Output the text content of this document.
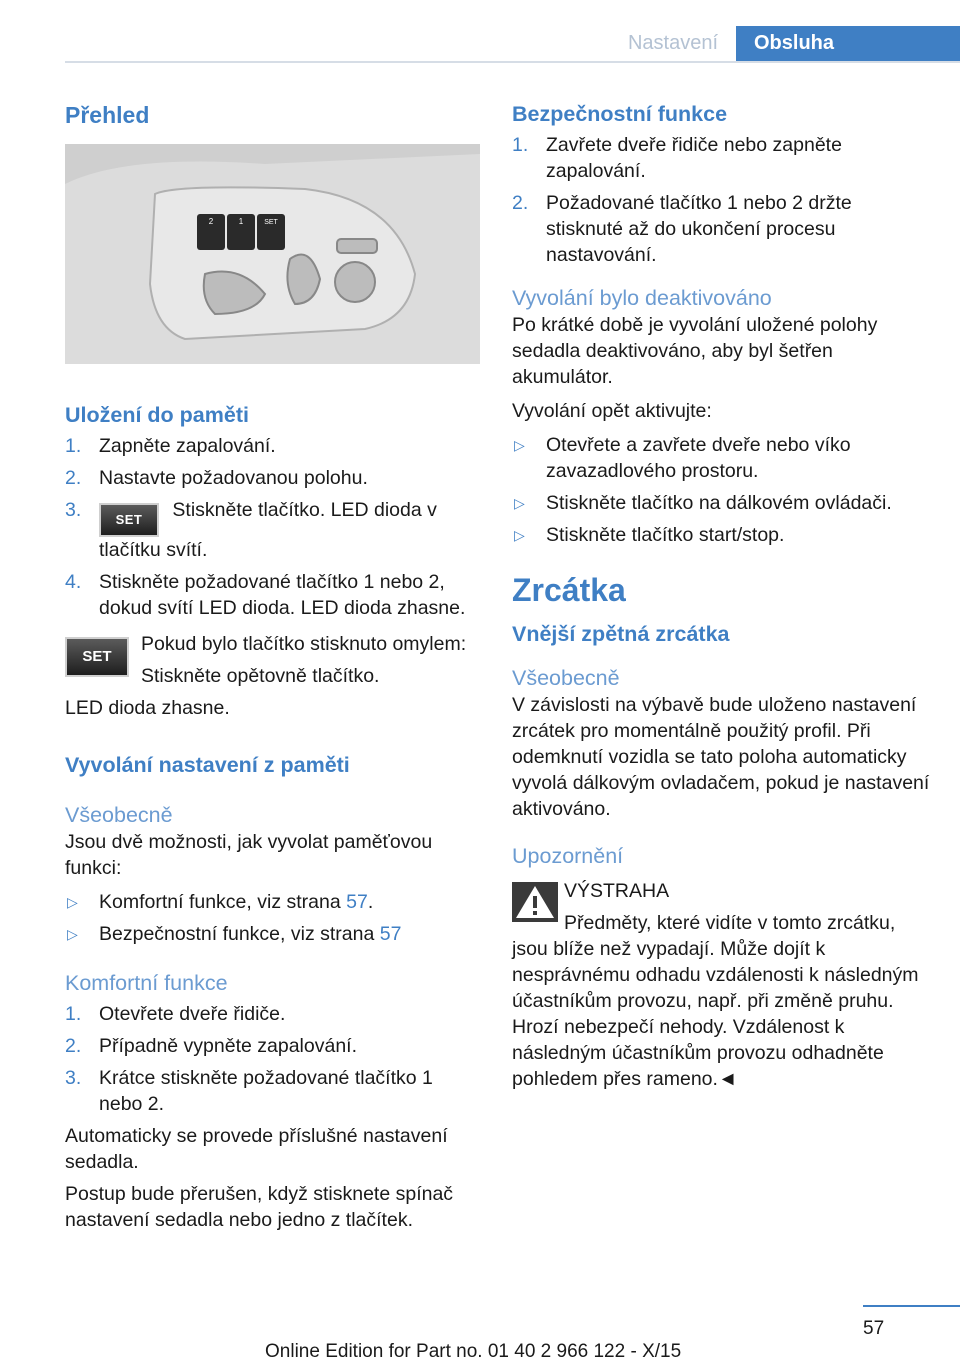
Nastavení	Obsluha
Přehled
2	1	SET
Uložení do paměti
1. Zapněte zapalování.
2. Nastavte požadovanou polohu.
3.	SET Stiskněte tlačítko. LED dioda v tlačítku svítí.
4. Stiskněte požadované tlačítko 1 nebo 2, dokud svítí LED dioda. LED dioda zhasne.
SET

Pokud bylo tlačítko stisknuto omylem:

Stiskněte opětovně tlačítko.

LED dioda zhasne.

Vyvolání nastavení z paměti
Všeobecně

Jsou dvě možnosti, jak vyvolat paměťovou funkci:

▷ Komfortní funkce, viz strana 57.
▷ Bezpečnostní funkce, viz strana 57
Komfortní funkce
1. Otevřete dveře řidiče.
2. Případně vypněte zapalování.
3. Krátce stiskněte požadované tlačítko 1 nebo 2.

Automaticky se provede příslušné nastavení sedadla.

Postup bude přerušen, když stisknete spínač nastavení sedadla nebo jedno z tlačítek.

Bezpečnostní funkce
1. Zavřete dveře řidiče nebo zapněte zapalování.
2. Požadované tlačítko 1 nebo 2 držte stisknuté až do ukončení procesu nastavování.
Vyvolání bylo deaktivováno

Po krátké době je vyvolání uložené polohy sedadla deaktivováno, aby byl šetřen akumulátor.

Vyvolání opět aktivujte:

▷ Otevřete a zavřete dveře nebo víko zavazadlového prostoru.
▷ Stiskněte tlačítko na dálkovém ovládači.
▷ Stiskněte tlačítko start/stop.
Zrcátka
Vnější zpětná zrcátka
Všeobecně

V závislosti na výbavě bude uloženo nastavení zrcátek pro momentálně použitý profil. Při odemknutí vozidla se tato poloha automaticky vyvolá dálkovým ovladačem, pokud je nastavení aktivováno.

Upozornění

VÝSTRAHA

Předměty, které vidíte v tomto zrcátku, jsou blíže než vypadají. Může dojít k nesprávnému odhadu vzdálenosti k následným účastníkům provozu, např. při změně pruhu. Hrozí nebezpečí nehody. Vzdálenost k následným účastníkům provozu odhadněte pohledem přes rameno.◄

57
Online Edition for Part no. 01 40 2 966 122 - X/15
